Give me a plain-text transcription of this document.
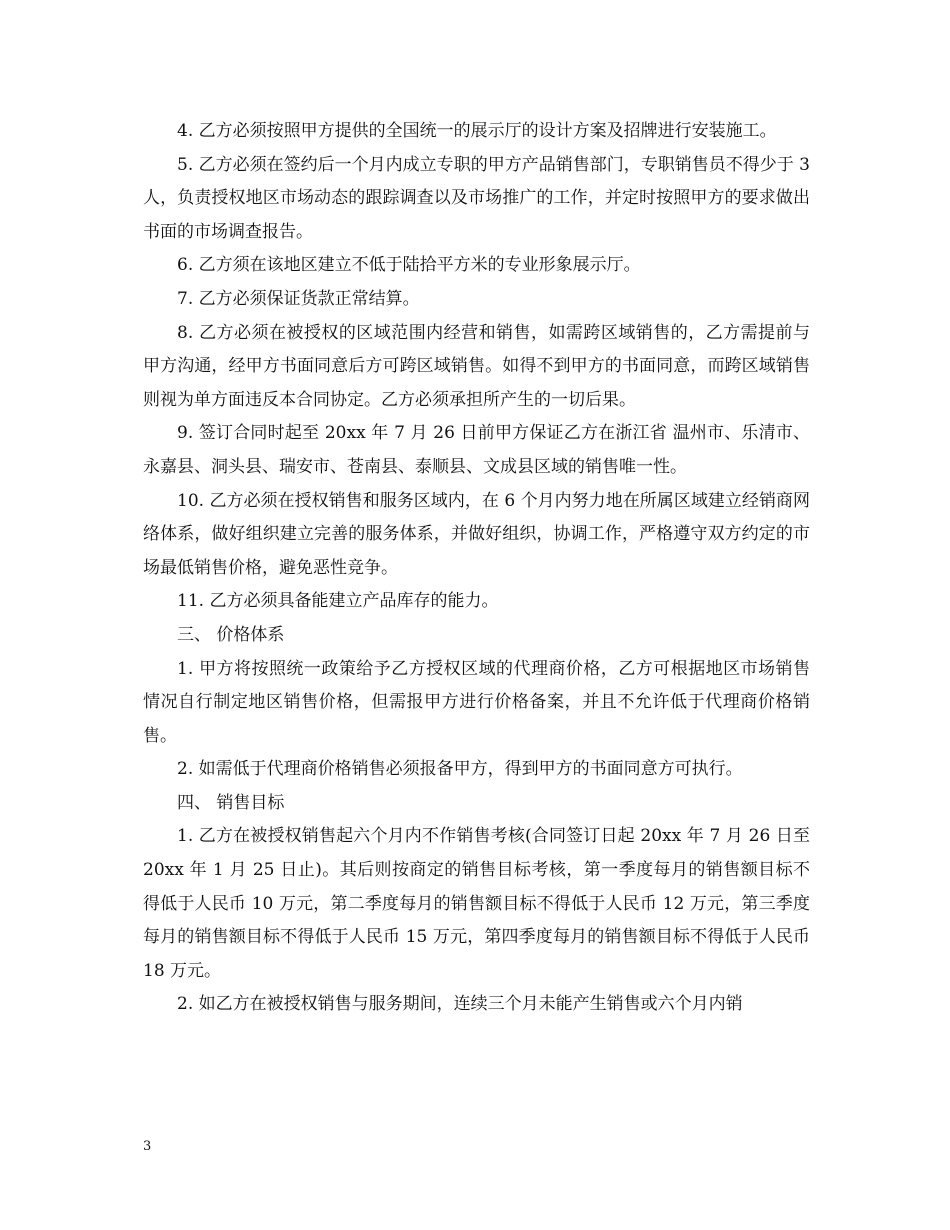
4. 乙方必须按照甲方提供的全国统一的展示厅的设计方案及招牌进行安装施工。

5. 乙方必须在签约后一个月内成立专职的甲方产品销售部门，专职销售员不得少于 3 人，负责授权地区市场动态的跟踪调查以及市场推广的工作，并定时按照甲方的要求做出书面的市场调查报告。

6. 乙方须在该地区建立不低于陆拾平方米的专业形象展示厅。

7. 乙方必须保证货款正常结算。

8. 乙方必须在被授权的区域范围内经营和销售，如需跨区域销售的，乙方需提前与甲方沟通，经甲方书面同意后方可跨区域销售。如得不到甲方的书面同意，而跨区域销售则视为单方面违反本合同协定。乙方必须承担所产生的一切后果。

9. 签订合同时起至 20xx 年 7 月 26 日前甲方保证乙方在浙江省 温州市、乐清市、永嘉县、洞头县、瑞安市、苍南县、泰顺县、文成县区域的销售唯一性。

10. 乙方必须在授权销售和服务区域内，在 6 个月内努力地在所属区域建立经销商网络体系，做好组织建立完善的服务体系，并做好组织，协调工作，严格遵守双方约定的市场最低销售价格，避免恶性竞争。

11. 乙方必须具备能建立产品库存的能力。

三、 价格体系

1. 甲方将按照统一政策给予乙方授权区域的代理商价格，乙方可根据地区市场销售情况自行制定地区销售价格，但需报甲方进行价格备案，并且不允许低于代理商价格销售。

2. 如需低于代理商价格销售必须报备甲方，得到甲方的书面同意方可执行。

四、 销售目标

1. 乙方在被授权销售起六个月内不作销售考核(合同签订日起 20xx 年 7 月 26 日至 20xx 年 1 月 25 日止)。其后则按商定的销售目标考核，第一季度每月的销售额目标不得低于人民币 10 万元，第二季度每月的销售额目标不得低于人民币 12 万元，第三季度每月的销售额目标不得低于人民币 15 万元，第四季度每月的销售额目标不得低于人民币 18 万元。

2. 如乙方在被授权销售与服务期间，连续三个月未能产生销售或六个月内销

3
